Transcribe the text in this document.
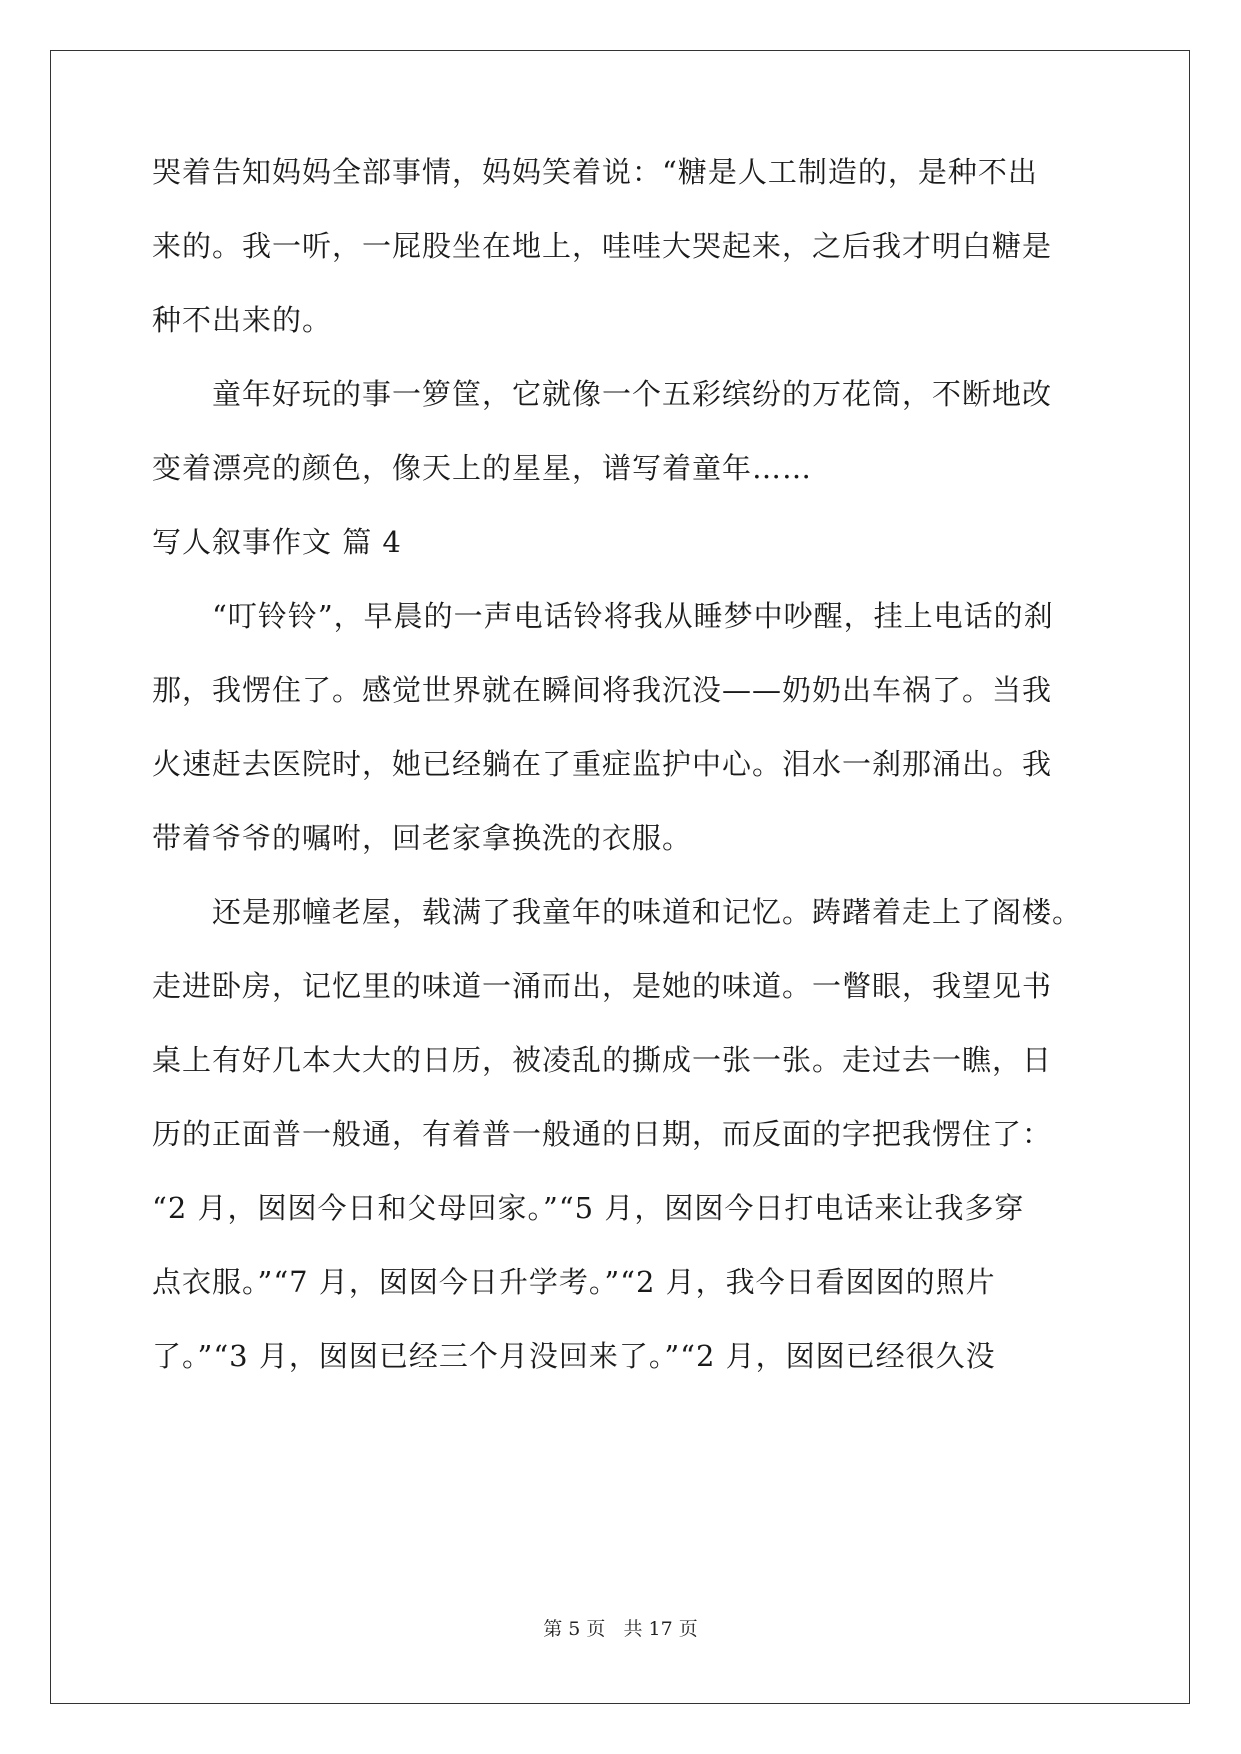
哭着告知妈妈全部事情，妈妈笑着说：“糖是人工制造的，是种不出
来的。我一听，一屁股坐在地上，哇哇大哭起来，之后我才明白糖是
种不出来的。
　　童年好玩的事一箩筐，它就像一个五彩缤纷的万花筒，不断地改
变着漂亮的颜色，像天上的星星，谱写着童年……
写人叙事作文 篇 4
　　“叮铃铃”，早晨的一声电话铃将我从睡梦中吵醒，挂上电话的刹
那，我愣住了。感觉世界就在瞬间将我沉没——奶奶出车祸了。当我
火速赶去医院时，她已经躺在了重症监护中心。泪水一刹那涌出。我
带着爷爷的嘱咐，回老家拿换洗的衣服。
　　还是那幢老屋，载满了我童年的味道和记忆。踌躇着走上了阁楼。
走进卧房，记忆里的味道一涌而出，是她的味道。一瞥眼，我望见书
桌上有好几本大大的日历，被凌乱的撕成一张一张。走过去一瞧，日
历的正面普一般通，有着普一般通的日期，而反面的字把我愣住了：
“2 月，囡囡今日和父母回家。”“5 月，囡囡今日打电话来让我多穿
点衣服。”“7 月，囡囡今日升学考。”“2 月，我今日看囡囡的照片
了。”“3 月，囡囡已经三个月没回来了。”“2 月，囡囡已经很久没
第 5 页 共 17 页
